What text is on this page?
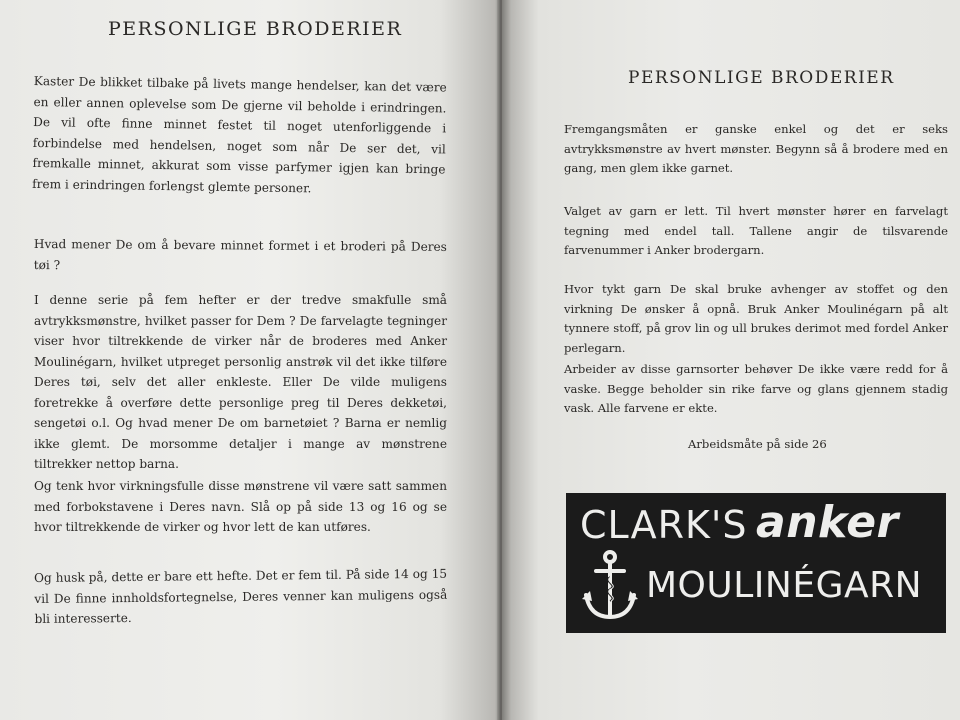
PERSONLIGE BRODERIER

Kaster De blikket tilbake på livets mange hendelser, kan det være en eller annen oplevelse som De gjerne vil beholde i erindringen. De vil ofte finne minnet festet til noget utenforliggende i forbindelse med hendelsen, noget som når De ser det, vil fremkalle minnet, akkurat som visse parfymer igjen kan bringe frem i erindringen forlengst glemte personer.

Hvad mener De om å bevare minnet formet i et broderi på Deres tøi ?

I denne serie på fem hefter er der tredve smakfulle små avtrykksmønstre, hvilket passer for Dem ? De farvelagte tegninger viser hvor tiltrekkende de virker når de broderes med Anker Moulinégarn, hvilket utpreget personlig anstrøk vil det ikke tilføre Deres tøi, selv det aller enkleste. Eller De vilde muligens foretrekke å overføre dette personlige preg til Deres dekketøi, sengetøi o.l. Og hvad mener De om barnetøiet ? Barna er nemlig ikke glemt. De morsomme detaljer i mange av mønstrene tiltrekker nettop barna.

Og tenk hvor virkningsfulle disse mønstrene vil være satt sammen med forbokstavene i Deres navn. Slå op på side 13 og 16 og se hvor tiltrekkende de virker og hvor lett de kan utføres.

Og husk på, dette er bare ett hefte. Det er fem til. På side 14 og 15 vil De finne innholdsfortegnelse, Deres venner kan muligens også bli interesserte.

PERSONLIGE BRODERIER

Fremgangsmåten er ganske enkel og det er seks avtrykksmønstre av hvert mønster. Begynn så å brodere med en gang, men glem ikke garnet.

Valget av garn er lett. Til hvert mønster hører en farvelagt tegning med endel tall. Tallene angir de tilsvarende farvenummer i Anker brodergarn.

Hvor tykt garn De skal bruke avhenger av stoffet og den virkning De ønsker å opnå. Bruk Anker Moulinégarn på alt tynnere stoff, på grov lin og ull brukes derimot med fordel Anker perlegarn.

Arbeider av disse garnsorter behøver De ikke være redd for å vaske. Begge beholder sin rike farve og glans gjennem stadig vask. Alle farvene er ekte.

Arbeidsmåte på side 26

CLARK'S anker
MOULINÉGARN
